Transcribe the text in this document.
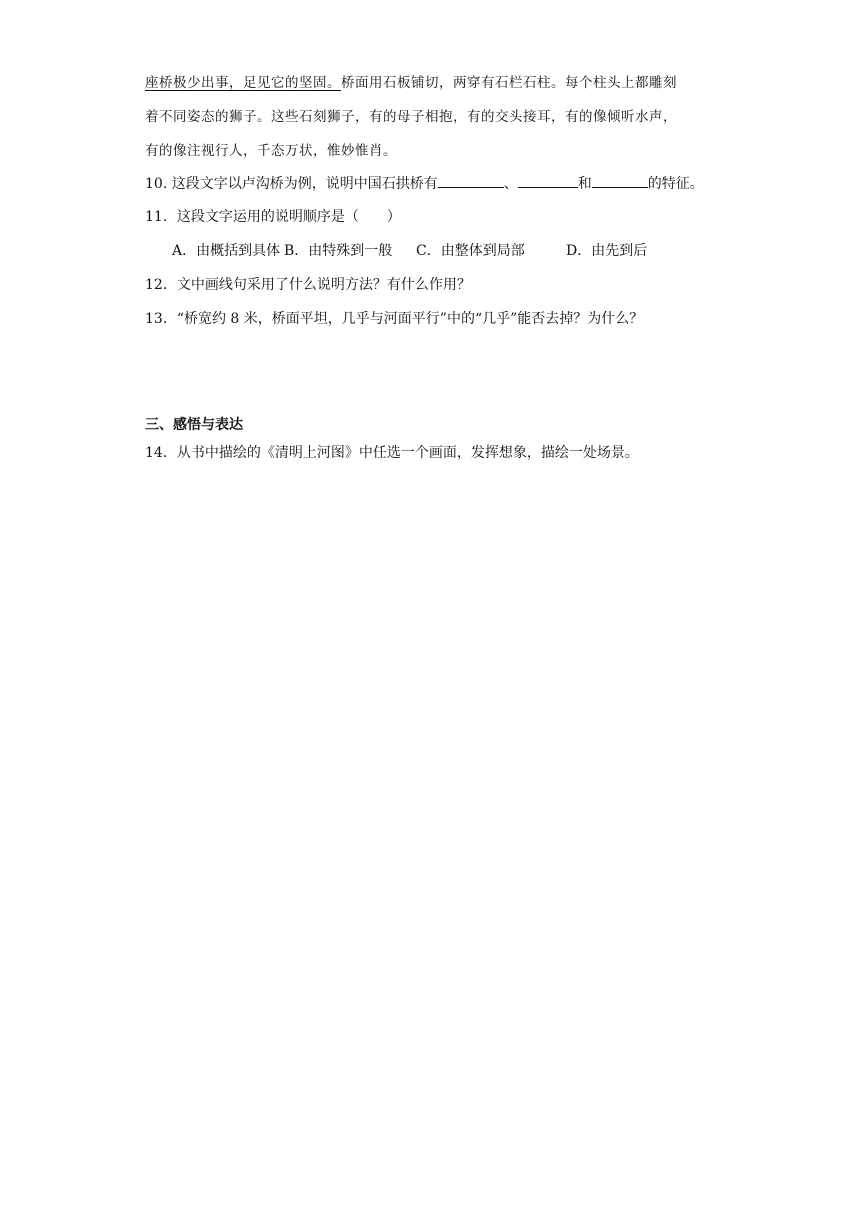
座桥极少出事，足见它的坚固。桥面用石板铺切，两穿有石栏石柱。每个柱头上都雕刻
着不同姿态的狮子。这些石刻狮子，有的母子相抱，有的交头接耳，有的像倾听水声，
有的像注视行人，千态万状，惟妙惟肖。
10. 这段文字以卢沟桥为例，说明中国石拱桥有	、	和	的特征。
11．这段文字运用的说明顺序是（　　）
A．由概括到具体 B．由特殊到一般 C．由整体到局部	D．由先到后
12．文中画线句采用了什么说明方法？有什么作用？
13．“桥宽约 8 米，桥面平坦，几乎与河面平行”中的“几乎”能否去掉？为什么？
三、感悟与表达
14．从书中描绘的《清明上河图》中任选一个画面，发挥想象，描绘一处场景。
